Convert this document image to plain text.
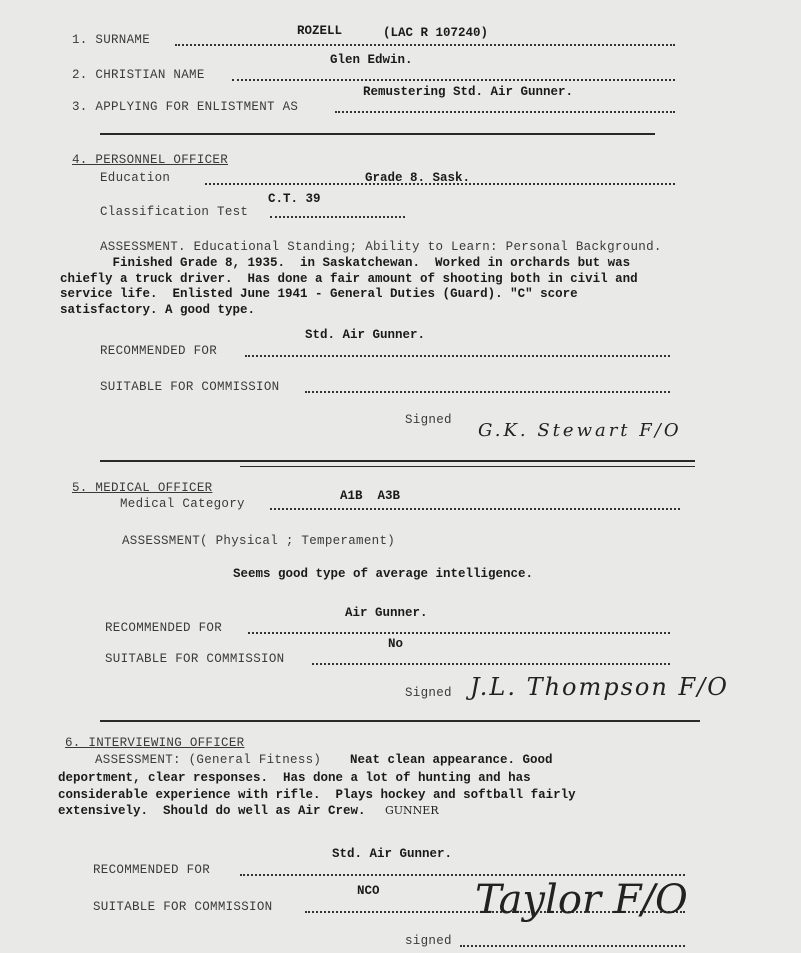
1. SURNAME
ROZELL	(LAC R 107240)
2. CHRISTIAN NAME
Glen Edwin.
3. APPLYING FOR ENLISTMENT AS
Remustering Std. Air Gunner.
4. PERSONNEL OFFICER
Education	Grade 8. Sask.
Classification Test
C.T. 39
ASSESSMENT. Educational Standing; Ability to Learn: Personal Background.
Finished Grade 8, 1935.  in Saskatchewan.  Worked in orchards but was
chiefly a truck driver.  Has done a fair amount of shooting both in civil and
service life.  Enlisted June 1941 - General Duties (Guard). "C" score
satisfactory. A good type.
RECOMMENDED FOR
Std. Air Gunner.
SUITABLE FOR COMMISSION
Signed G.K. Stewart F/O
5. MEDICAL OFFICER
Medical Category
A1B  A3B
ASSESSMENT( Physical ; Temperament)
Seems good type of average intelligence.
RECOMMENDED FOR
Air Gunner.
SUITABLE FOR COMMISSION
No
Signed J.L. Thompson F/O
6. INTERVIEWING OFFICER
ASSESSMENT: (General Fitness) Neat clean appearance. Good
deportment, clear responses.  Has done a lot of hunting and has
considerable experience with rifle.  Plays hockey and softball fairly
extensively.  Should do well as Air Crew.	GUNNER
RECOMMENDED FOR
Std. Air Gunner.
SUITABLE FOR COMMISSION
NCO
signed
Taylor F/O
